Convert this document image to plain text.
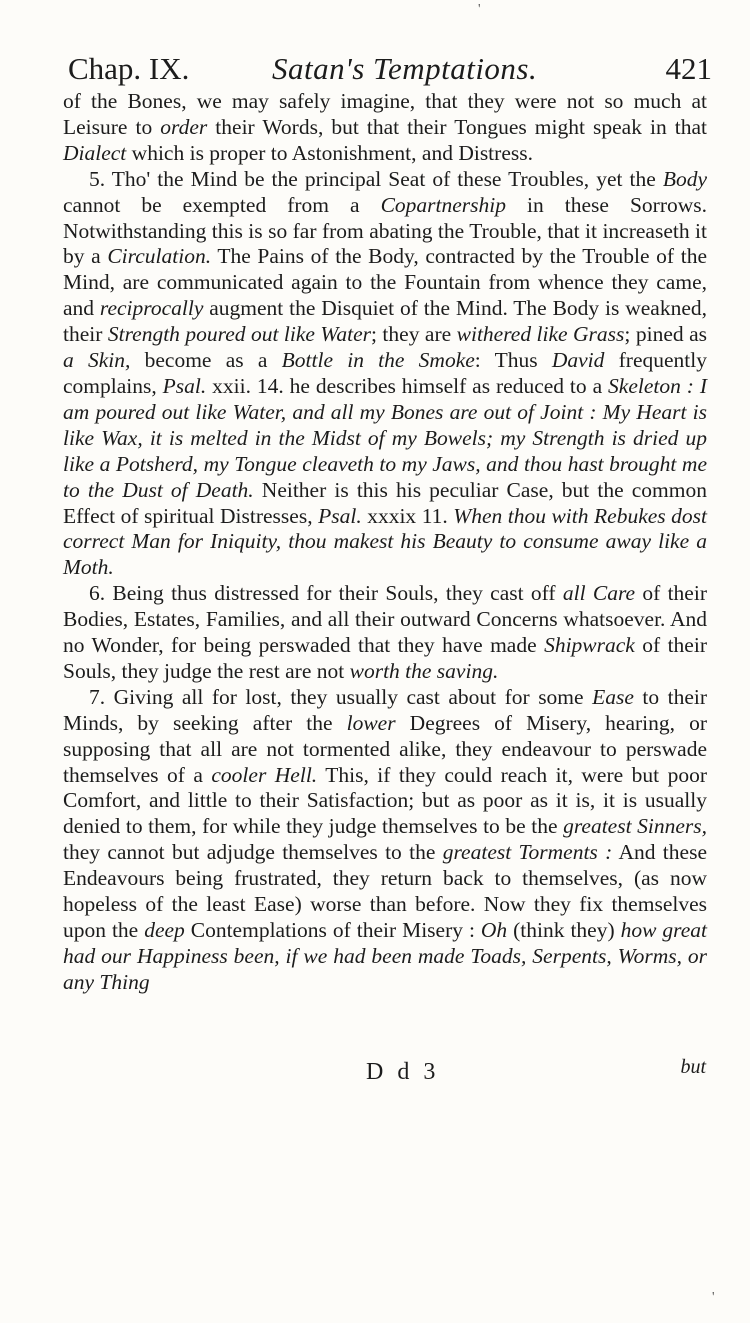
Chap. IX.	Satan's Temptations.	421

of the Bones, we may safely imagine, that they were not so much at Leisure to order their Words, but that their Tongues might speak in that Dialect which is proper to Astonishment, and Distress.

5. Tho' the Mind be the principal Seat of these Troubles, yet the Body cannot be exempted from a Copartnership in these Sorrows. Notwithstanding this is so far from abating the Trouble, that it increaseth it by a Circulation. The Pains of the Body, contracted by the Trouble of the Mind, are communicated again to the Fountain from whence they came, and reciprocally augment the Disquiet of the Mind. The Body is weakned, their Strength poured out like Water; they are withered like Grass; pined as a Skin, become as a Bottle in the Smoke: Thus David frequently complains, Psal. xxii. 14. he describes himself as reduced to a Skeleton : I am poured out like Water, and all my Bones are out of Joint : My Heart is like Wax, it is melted in the Midst of my Bowels; my Strength is dried up like a Potsherd, my Tongue cleaveth to my Jaws, and thou hast brought me to the Dust of Death. Neither is this his peculiar Case, but the common Effect of spiritual Distresses, Psal. xxxix 11. When thou with Rebukes dost correct Man for Iniquity, thou makest his Beauty to consume away like a Moth.

6. Being thus distressed for their Souls, they cast off all Care of their Bodies, Estates, Families, and all their outward Concerns whatsoever. And no Wonder, for being perswaded that they have made Shipwrack of their Souls, they judge the rest are not worth the saving.

7. Giving all for lost, they usually cast about for some Ease to their Minds, by seeking after the lower Degrees of Misery, hearing, or supposing that all are not tormented alike, they endeavour to perswade themselves of a cooler Hell. This, if they could reach it, were but poor Comfort, and little to their Satisfaction; but as poor as it is, it is usually denied to them, for while they judge themselves to be the greatest Sinners, they cannot but adjudge themselves to the greatest Torments : And these Endeavours being frustrated, they return back to themselves, (as now hopeless of the least Ease) worse than before. Now they fix themselves upon the deep Contemplations of their Misery : Oh (think they) how great had our Happiness been, if we had been made Toads, Serpents, Worms, or any Thing

D d 3	but
'
'
